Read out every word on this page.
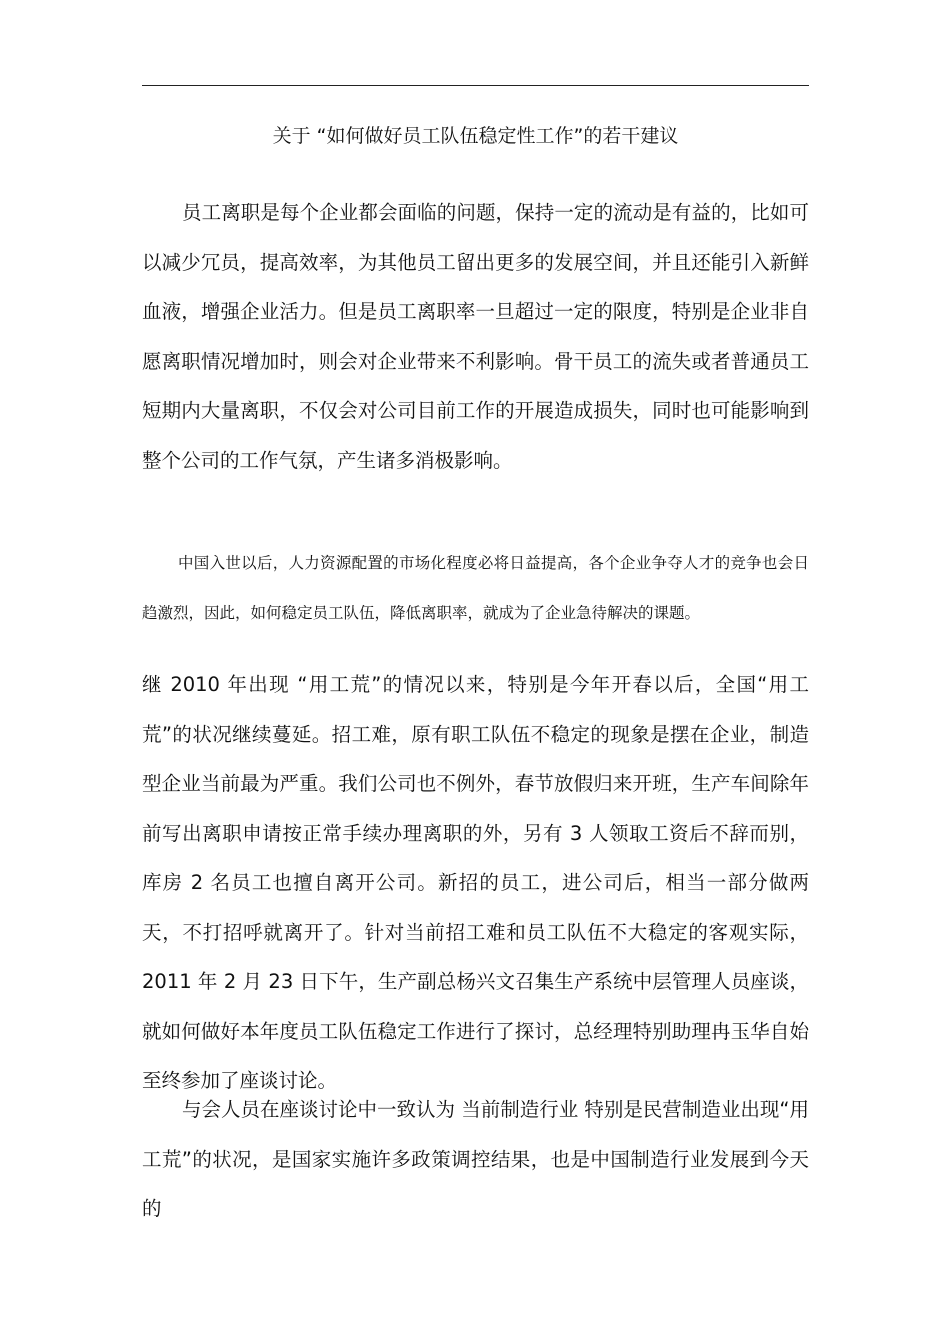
关于 “如何做好员工队伍稳定性工作”的若干建议

员工离职是每个企业都会面临的问题，保持一定的流动是有益的，比如可以减少冗员，提高效率，为其他员工留出更多的发展空间，并且还能引入新鲜血液，增强企业活力。但是员工离职率一旦超过一定的限度，特别是企业非自愿离职情况增加时，则会对企业带来不利影响。骨干员工的流失或者普通员工短期内大量离职，不仅会对公司目前工作的开展造成损失，同时也可能影响到整个公司的工作气氛，产生诸多消极影响。

中国入世以后，人力资源配置的市场化程度必将日益提高，各个企业争夺人才的竞争也会日趋激烈，因此，如何稳定员工队伍，降低离职率，就成为了企业急待解决的课题。

继 2010 年出现 “用工荒”的情况以来，特别是今年开春以后，全国“用工荒”的状况继续蔓延。招工难，原有职工队伍不稳定的现象是摆在企业，制造型企业当前最为严重。我们公司也不例外，春节放假归来开班，生产车间除年前写出离职申请按正常手续办理离职的外，另有 3 人领取工资后不辞而别，库房 2 名员工也擅自离开公司。新招的员工，进公司后，相当一部分做两天，不打招呼就离开了。针对当前招工难和员工队伍不大稳定的客观实际， 2011 年 2 月 23 日下午，生产副总杨兴文召集生产系统中层管理人员座谈，就如何做好本年度员工队伍稳定工作进行了探讨，总经理特别助理冉玉华自始至终参加了座谈讨论。

与会人员在座谈讨论中一致认为 当前制造行业 特别是民营制造业出现“用工荒”的状况，是国家实施许多政策调控结果，也是中国制造行业发展到今天的
